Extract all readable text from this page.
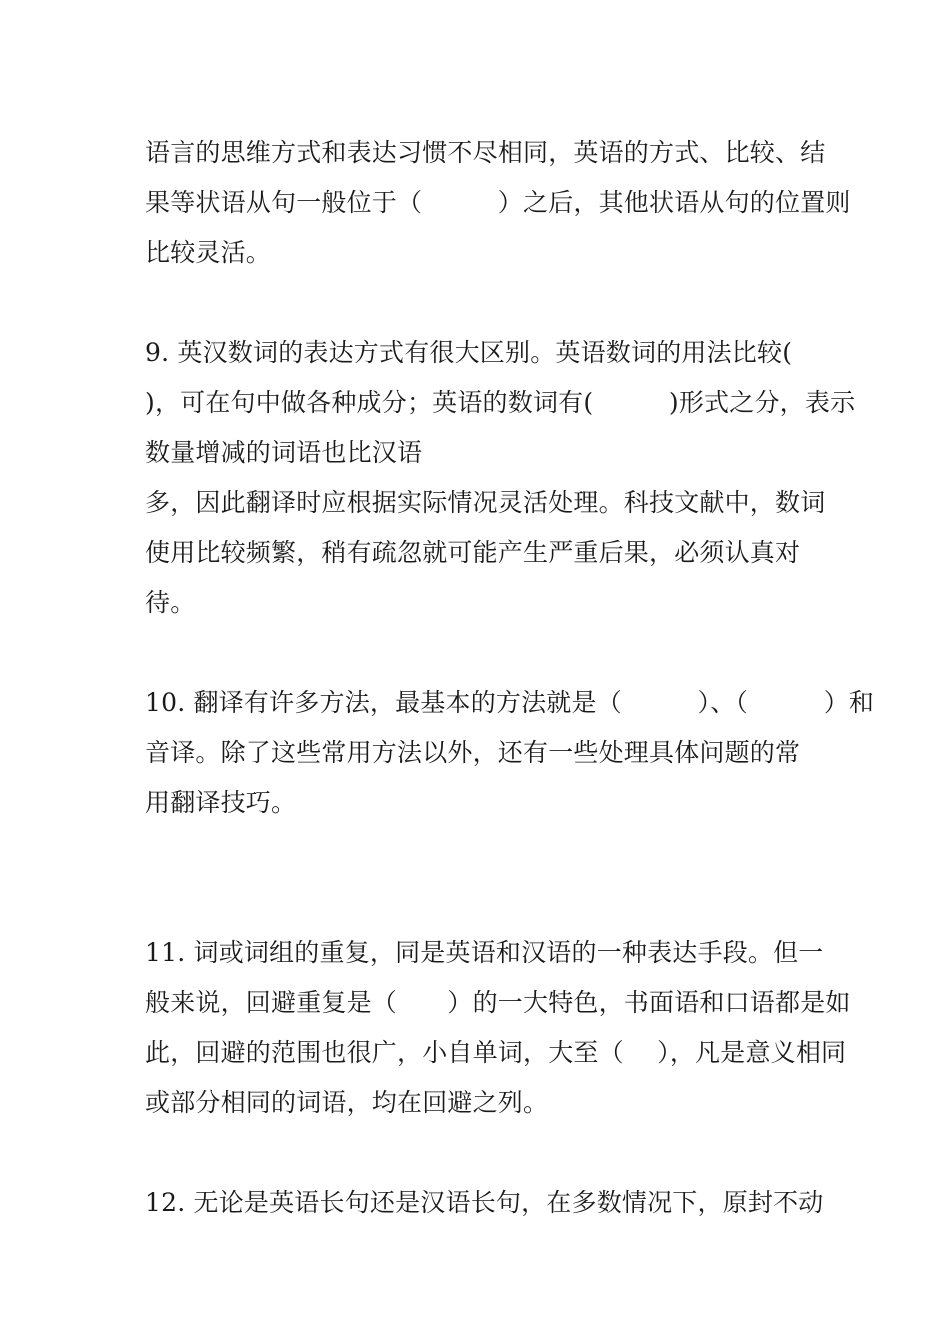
语言的思维方式和表达习惯不尽相同，英语的方式、比较、结
果等状语从句一般位于（　　　）之后，其他状语从句的位置则
比较灵活。
9. 英汉数词的表达方式有很大区别。英语数词的用法比较(
)，可在句中做各种成分；英语的数词有(　　　)形式之分，表示
数量增减的词语也比汉语
多，因此翻译时应根据实际情况灵活处理。科技文献中，数词
使用比较频繁，稍有疏忽就可能产生严重后果，必须认真对
待。
10. 翻译有许多方法，最基本的方法就是（　　　）、（　　　）和
音译。除了这些常用方法以外，还有一些处理具体问题的常
用翻译技巧。
11. 词或词组的重复，同是英语和汉语的一种表达手段。但一
般来说，回避重复是（　　）的一大特色，书面语和口语都是如
此，回避的范围也很广，小自单词，大至（　 ），凡是意义相同
或部分相同的词语，均在回避之列。
12. 无论是英语长句还是汉语长句，在多数情况下，原封不动
